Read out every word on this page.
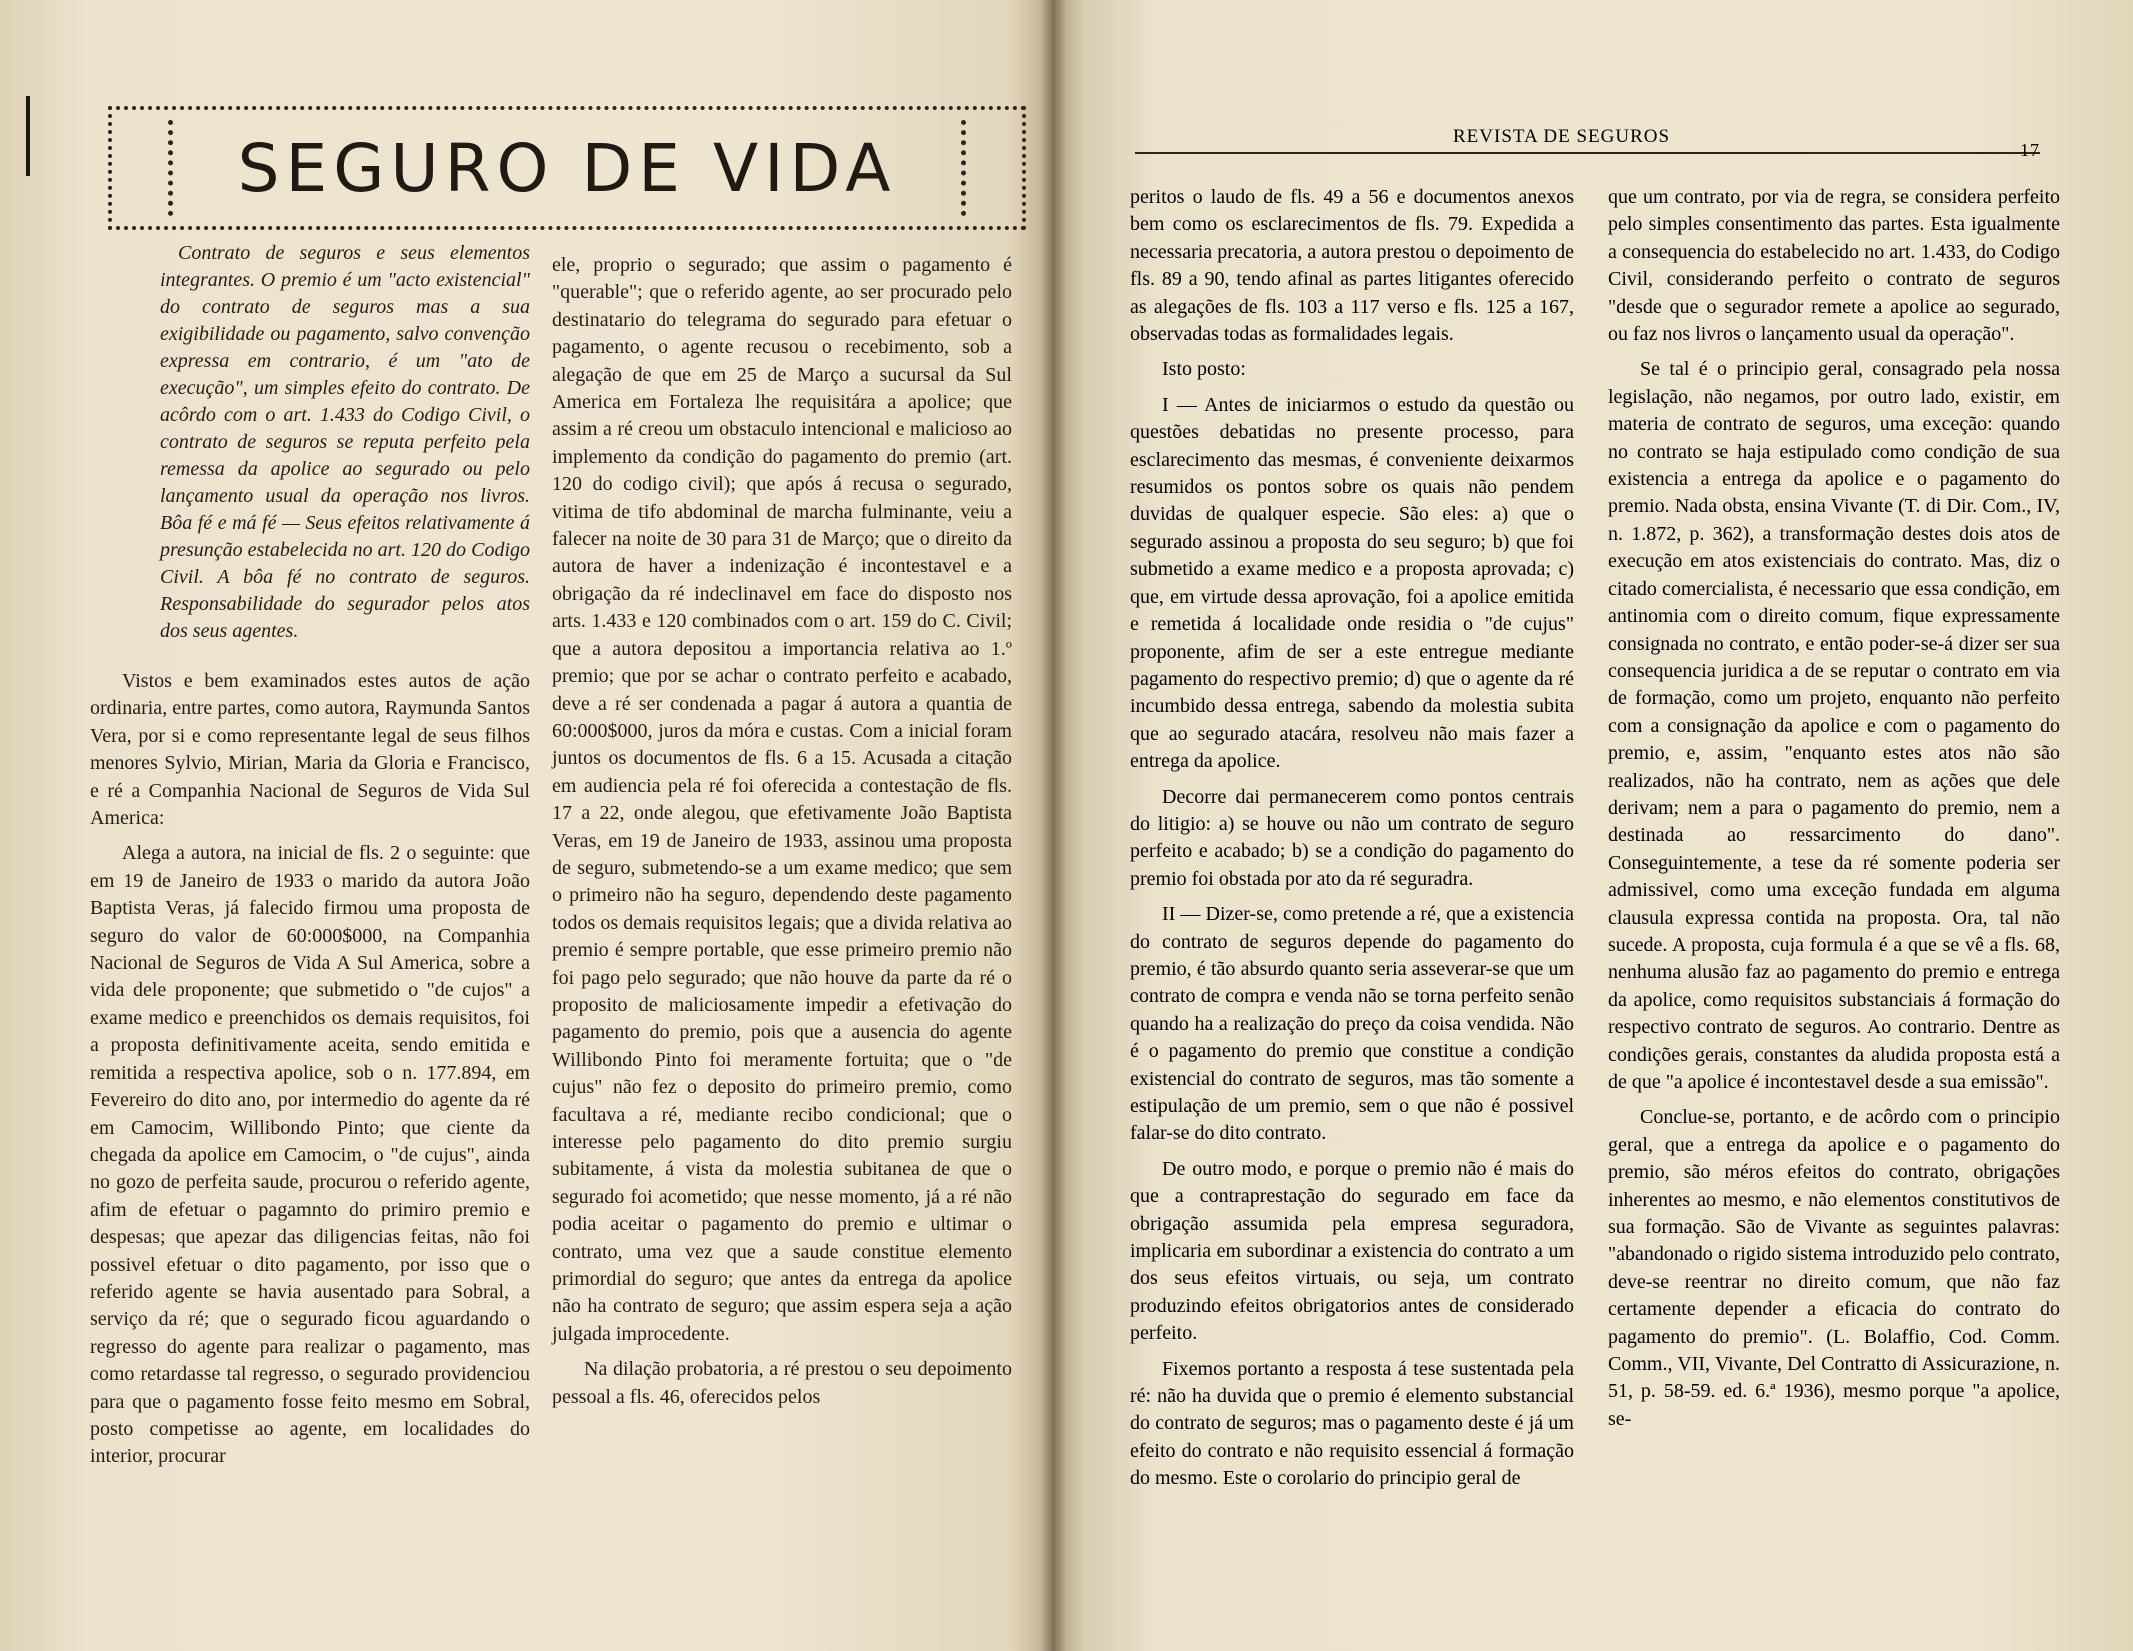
SEGURO DE VIDA
Contrato de seguros e seus elementos integrantes. O premio é um "acto existencial" do contrato de seguros mas a sua exigibilidade ou pagamento, salvo convenção expressa em contrario, é um "ato de execução", um simples efeito do contrato. De acôrdo com o art. 1.433 do Codigo Civil, o contrato de seguros se reputa perfeito pela remessa da apolice ao segurado ou pelo lançamento usual da operação nos livros. Bôa fé e má fé — Seus efeitos relativamente á presunção estabelecida no art. 120 do Codigo Civil. A bôa fé no contrato de seguros. Responsabilidade do segurador pelos atos dos seus agentes.

Vistos e bem examinados estes autos de ação ordinaria, entre partes, como autora, Raymunda Santos Vera, por si e como representante legal de seus filhos menores Sylvio, Mirian, Maria da Gloria e Francisco, e ré a Companhia Nacional de Seguros de Vida Sul America:

Alega a autora, na inicial de fls. 2 o seguinte: que em 19 de Janeiro de 1933 o marido da autora João Baptista Veras, já falecido firmou uma proposta de seguro do valor de 60:000$000, na Companhia Nacional de Seguros de Vida A Sul America, sobre a vida dele proponente; que submetido o "de cujos" a exame medico e preenchidos os demais requisitos, foi a proposta definitivamente aceita, sendo emitida e remitida a respectiva apolice, sob o n. 177.894, em Fevereiro do dito ano, por intermedio do agente da ré em Camocim, Willibondo Pinto; que ciente da chegada da apolice em Camocim, o "de cujus", ainda no gozo de perfeita saude, procurou o referido agente, afim de efetuar o pagamnto do primiro premio e despesas; que apezar das diligencias feitas, não foi possivel efetuar o dito pagamento, por isso que o referido agente se havia ausentado para Sobral, a serviço da ré; que o segurado ficou aguardando o regresso do agente para realizar o pagamento, mas como retardasse tal regresso, o segurado providenciou para que o pagamento fosse feito mesmo em Sobral, posto competisse ao agente, em localidades do interior, procurar

ele, proprio o segurado; que assim o pagamento é "querable"; que o referido agente, ao ser procurado pelo destinatario do telegrama do segurado para efetuar o pagamento, o agente recusou o recebimento, sob a alegação de que em 25 de Março a sucursal da Sul America em Fortaleza lhe requisitára a apolice; que assim a ré creou um obstaculo intencional e malicioso ao implemento da condição do pagamento do premio (art. 120 do codigo civil); que após á recusa o segurado, vitima de tifo abdominal de marcha fulminante, veiu a falecer na noite de 30 para 31 de Março; que o direito da autora de haver a indenização é incontestavel e a obrigação da ré indeclinavel em face do disposto nos arts. 1.433 e 120 combinados com o art. 159 do C. Civil; que a autora depositou a importancia relativa ao 1.º premio; que por se achar o contrato perfeito e acabado, deve a ré ser condenada a pagar á autora a quantia de 60:000$000, juros da móra e custas. Com a inicial foram juntos os documentos de fls. 6 a 15. Acusada a citação em audiencia pela ré foi oferecida a contestação de fls. 17 a 22, onde alegou, que efetivamente João Baptista Veras, em 19 de Janeiro de 1933, assinou uma proposta de seguro, submetendo-se a um exame medico; que sem o primeiro não ha seguro, dependendo deste pagamento todos os demais requisitos legais; que a divida relativa ao premio é sempre portable, que esse primeiro premio não foi pago pelo segurado; que não houve da parte da ré o proposito de maliciosamente impedir a efetivação do pagamento do premio, pois que a ausencia do agente Willibondo Pinto foi meramente fortuita; que o "de cujus" não fez o deposito do primeiro premio, como facultava a ré, mediante recibo condicional; que o interesse pelo pagamento do dito premio surgiu subitamente, á vista da molestia subitanea de que o segurado foi acometido; que nesse momento, já a ré não podia aceitar o pagamento do premio e ultimar o contrato, uma vez que a saude constitue elemento primordial do seguro; que antes da entrega da apolice não ha contrato de seguro; que assim espera seja a ação julgada improcedente.

Na dilação probatoria, a ré prestou o seu depoimento pessoal a fls. 46, oferecidos pelos

REVISTA DE SEGUROS
17

peritos o laudo de fls. 49 a 56 e documentos anexos bem como os esclarecimentos de fls. 79. Expedida a necessaria precatoria, a autora prestou o depoimento de fls. 89 a 90, tendo afinal as partes litigantes oferecido as alegações de fls. 103 a 117 verso e fls. 125 a 167, observadas todas as formalidades legais.

Isto posto:

I — Antes de iniciarmos o estudo da questão ou questões debatidas no presente processo, para esclarecimento das mesmas, é conveniente deixarmos resumidos os pontos sobre os quais não pendem duvidas de qualquer especie. São eles: a) que o segurado assinou a proposta do seu seguro; b) que foi submetido a exame medico e a proposta aprovada; c) que, em virtude dessa aprovação, foi a apolice emitida e remetida á localidade onde residia o "de cujus" proponente, afim de ser a este entregue mediante pagamento do respectivo premio; d) que o agente da ré incumbido dessa entrega, sabendo da molestia subita que ao segurado atacára, resolveu não mais fazer a entrega da apolice.

Decorre dai permanecerem como pontos centrais do litigio: a) se houve ou não um contrato de seguro perfeito e acabado; b) se a condição do pagamento do premio foi obstada por ato da ré seguradra.

II — Dizer-se, como pretende a ré, que a existencia do contrato de seguros depende do pagamento do premio, é tão absurdo quanto seria asseverar-se que um contrato de compra e venda não se torna perfeito senão quando ha a realização do preço da coisa vendida. Não é o pagamento do premio que constitue a condição existencial do contrato de seguros, mas tão somente a estipulação de um premio, sem o que não é possivel falar-se do dito contrato.

De outro modo, e porque o premio não é mais do que a contraprestação do segurado em face da obrigação assumida pela empresa seguradora, implicaria em subordinar a existencia do contrato a um dos seus efeitos virtuais, ou seja, um contrato produzindo efeitos obrigatorios antes de considerado perfeito.

Fixemos portanto a resposta á tese sustentada pela ré: não ha duvida que o premio é elemento substancial do contrato de seguros; mas o pagamento deste é já um efeito do contrato e não requisito essencial á formação do mesmo. Este o corolario do principio geral de

que um contrato, por via de regra, se considera perfeito pelo simples consentimento das partes. Esta igualmente a consequencia do estabelecido no art. 1.433, do Codigo Civil, considerando perfeito o contrato de seguros "desde que o segurador remete a apolice ao segurado, ou faz nos livros o lançamento usual da operação".

Se tal é o principio geral, consagrado pela nossa legislação, não negamos, por outro lado, existir, em materia de contrato de seguros, uma exceção: quando no contrato se haja estipulado como condição de sua existencia a entrega da apolice e o pagamento do premio. Nada obsta, ensina Vivante (T. di Dir. Com., IV, n. 1.872, p. 362), a transformação destes dois atos de execução em atos existenciais do contrato. Mas, diz o citado comercialista, é necessario que essa condição, em antinomia com o direito comum, fique expressamente consignada no contrato, e então poder-se-á dizer ser sua consequencia juridica a de se reputar o contrato em via de formação, como um projeto, enquanto não perfeito com a consignação da apolice e com o pagamento do premio, e, assim, "enquanto estes atos não são realizados, não ha contrato, nem as ações que dele derivam; nem a para o pagamento do premio, nem a destinada ao ressarcimento do dano". Conseguintemente, a tese da ré somente poderia ser admissivel, como uma exceção fundada em alguma clausula expressa contida na proposta. Ora, tal não sucede. A proposta, cuja formula é a que se vê a fls. 68, nenhuma alusão faz ao pagamento do premio e entrega da apolice, como requisitos substanciais á formação do respectivo contrato de seguros. Ao contrario. Dentre as condições gerais, constantes da aludida proposta está a de que "a apolice é incontestavel desde a sua emissão".

Conclue-se, portanto, e de acôrdo com o principio geral, que a entrega da apolice e o pagamento do premio, são méros efeitos do contrato, obrigações inherentes ao mesmo, e não elementos constitutivos de sua formação. São de Vivante as seguintes palavras: "abandonado o rigido sistema introduzido pelo contrato, deve-se reentrar no direito comum, que não faz certamente depender a eficacia do contrato do pagamento do premio". (L. Bolaffio, Cod. Comm. Comm., VII, Vivante, Del Contratto di Assicurazione, n. 51, p. 58-59. ed. 6.ª 1936), mesmo porque "a apolice, se-
